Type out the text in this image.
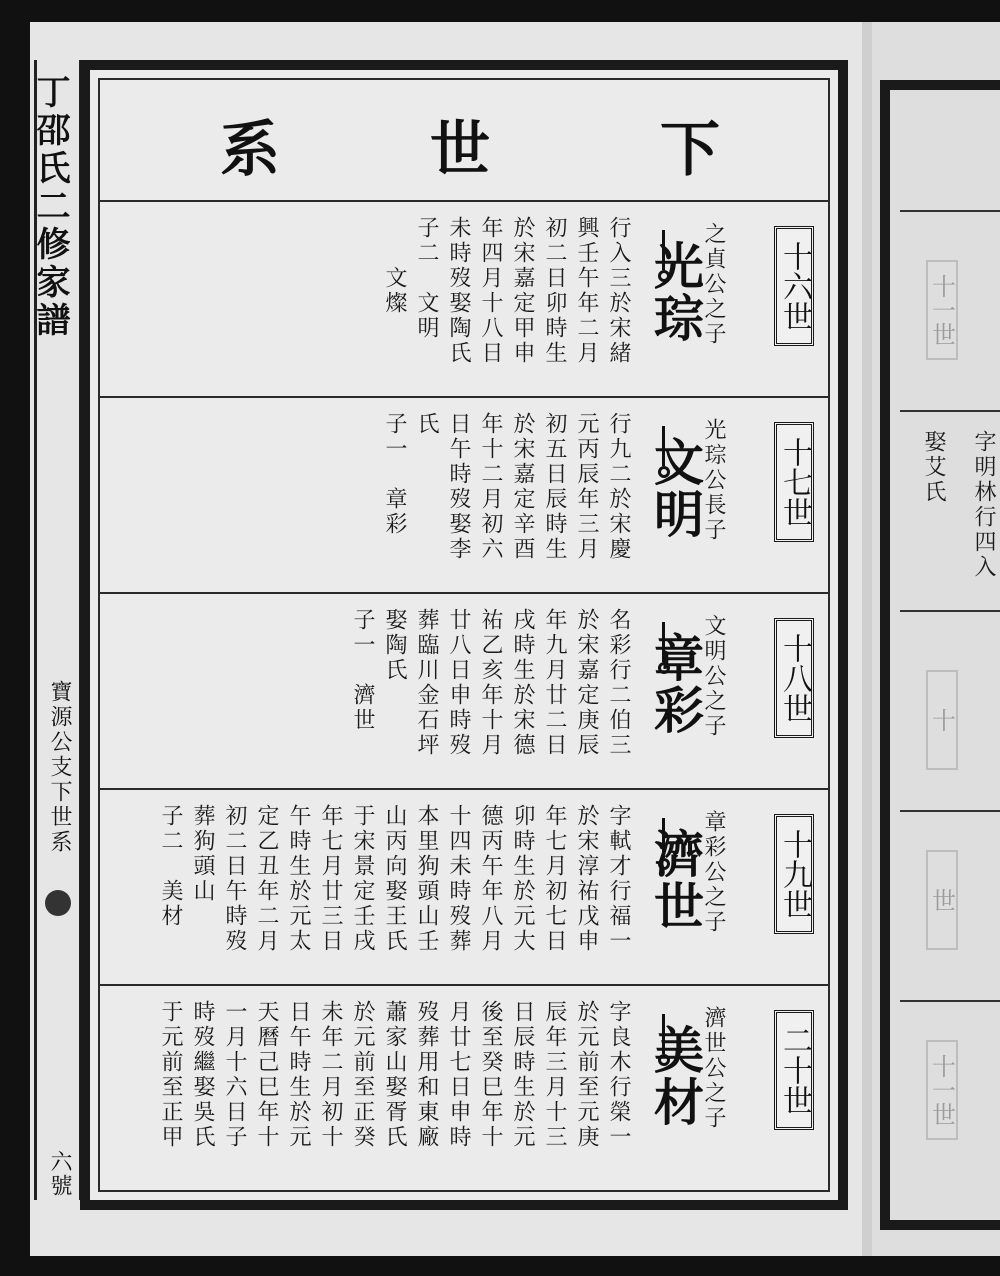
丁邵氏二修家譜
寶源公支下世系
六號
下
世
系
十六世
之貞公之子
光琮
行入三於宋緒
興壬午年二月
初二日卯時生
於宋嘉定甲申
年四月十八日
未時歿娶陶氏
子二　文明
　　文燦
十七世
光琮公長子
文明
行九二於宋慶
元丙辰年三月
初五日辰時生
於宋嘉定辛酉
年十二月初六
日午時歿娶李
氏
子一　章彩
十八世
文明公之子
章彩
名彩行二伯三
於宋嘉定庚辰
年九月廿二日
戌時生於宋德
祐乙亥年十月
廿八日申時歿
葬臨川金石坪
娶陶氏
子一　濟世
十九世
章彩公之子
濟世
字軾才行福一
於宋淳祐戊申
年七月初七日
卯時生於元大
德丙午年八月
十四未時歿葬
本里狗頭山壬
山丙向娶王氏
于宋景定壬戌
年七月廿三日
午時生於元太
定乙丑年二月
初二日午時歿
葬狗頭山
子二　美材
二十世
濟世公之子
美材
字良木行榮一
於元前至元庚
辰年三月十三
日辰時生於元
後至癸巳年十
月廿七日申時
歿葬用和東廠
蕭家山娶胥氏
於元前至正癸
未年二月初十
日午時生於元
天曆己巳年十
一月十六日子
時歿繼娶吳氏
于元前至正甲
十一世
字明林行四入
娶艾氏
十
世
十一世
